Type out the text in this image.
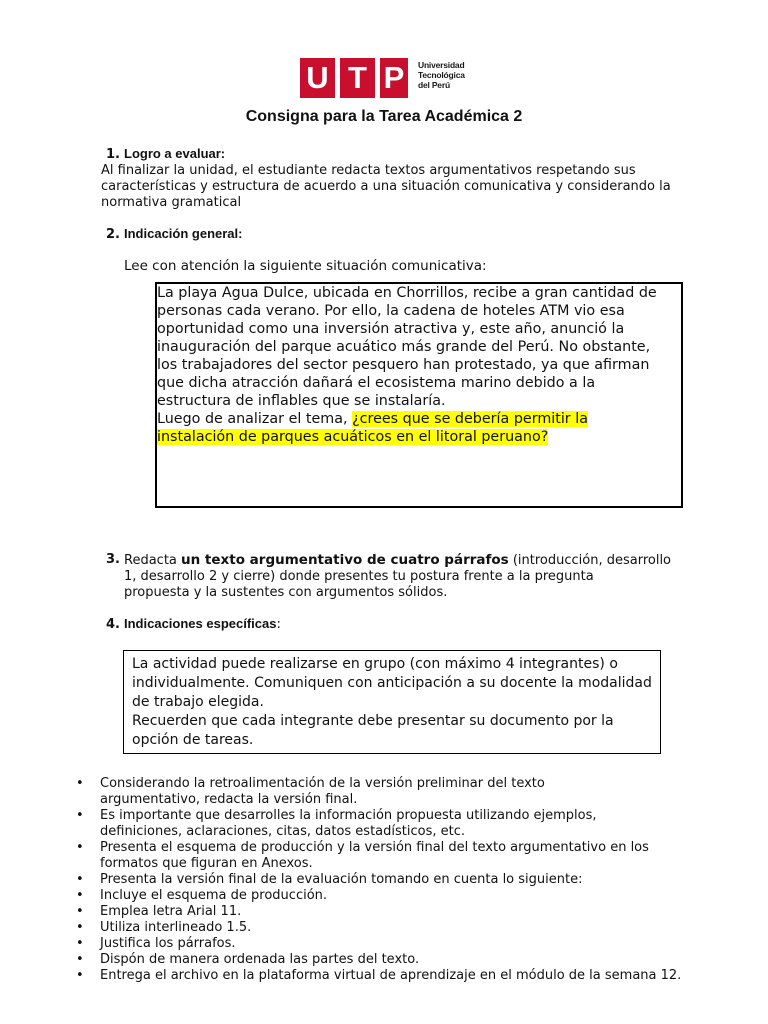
U T P	Universidad
Tecnológica
del Perú
Consigna para la Tarea Académica 2
1. Logro a evaluar:
Al finalizar la unidad, el estudiante redacta textos argumentativos respetando sus
características y estructura de acuerdo a una situación comunicativa y considerando la
normativa gramatical
2. Indicación general:
Lee con atención la siguiente situación comunicativa:
La playa Agua Dulce, ubicada en Chorrillos, recibe a gran cantidad de
personas cada verano. Por ello, la cadena de hoteles ATM vio esa
oportunidad como una inversión atractiva y, este año, anunció la
inauguración del parque acuático más grande del Perú. No obstante,
los trabajadores del sector pesquero han protestado, ya que afirman
que dicha atracción dañará el ecosistema marino debido a la
estructura de inflables que se instalaría.
Luego de analizar el tema, ¿crees que se debería permitir la
instalación de parques acuáticos en el litoral peruano?
3. Redacta un texto argumentativo de cuatro párrafos (introducción, desarrollo
1, desarrollo 2 y cierre) donde presentes tu postura frente a la pregunta
propuesta y la sustentes con argumentos sólidos.
4. Indicaciones específicas:

La actividad puede realizarse en grupo (con máximo 4 integrantes) o

individualmente. Comuniquen con anticipación a su docente la modalidad

de trabajo elegida.

Recuerden que cada integrante debe presentar su documento por la

opción de tareas.

• Considerando la retroalimentación de la versión preliminar del texto
argumentativo, redacta la versión final.
• Es importante que desarrolles la información propuesta utilizando ejemplos,
definiciones, aclaraciones, citas, datos estadísticos, etc.
• Presenta el esquema de producción y la versión final del texto argumentativo en los
formatos que figuran en Anexos.
• Presenta la versión final de la evaluación tomando en cuenta lo siguiente:
• Incluye el esquema de producción.
• Emplea letra Arial 11.
• Utiliza interlineado 1.5.
• Justifica los párrafos.
• Dispón de manera ordenada las partes del texto.
• Entrega el archivo en la plataforma virtual de aprendizaje en el módulo de la semana 12.
